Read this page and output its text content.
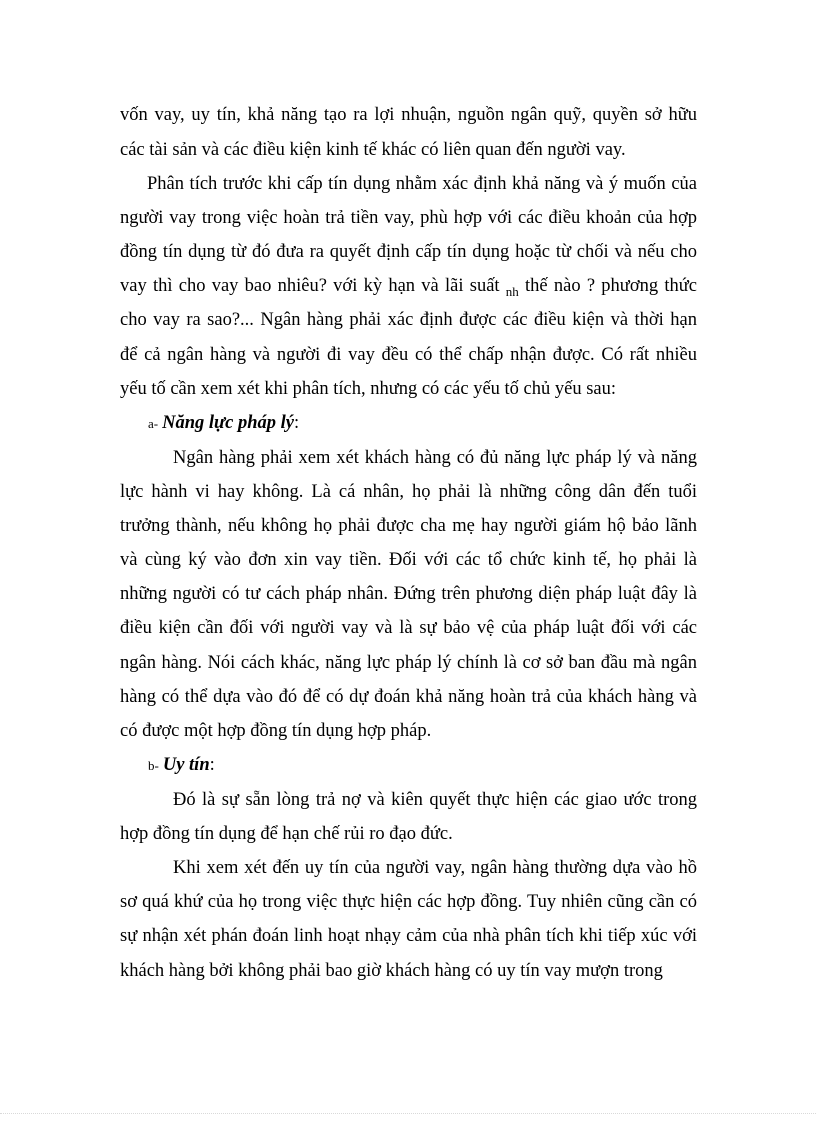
vốn vay, uy tín, khả năng tạo ra lợi nhuận, nguồn ngân quỹ, quyền sở hữu
các tài sản và các điều kiện kinh tế khác có liên quan đến người vay.
Phân tích trước khi cấp tín dụng nhằm xác định khả năng và ý muốn của
người vay trong việc hoàn trả tiền vay, phù hợp với các điều khoản của hợp
đồng tín dụng từ đó đưa ra quyết định cấp tín dụng hoặc từ chối và nếu cho
vay thì cho vay bao nhiêu? với kỳ hạn và lãi suất $_{nh}$ thế nào ? phương thức
cho vay ra sao?... Ngân hàng phải xác định được các điều kiện và thời hạn
để cả ngân hàng và người đi vay đều có thể chấp nhận được. Có rất nhiều
yếu tố cần xem xét khi phân tích, nhưng có các yếu tố chủ yếu sau:
a- Năng lực pháp lý:
Ngân hàng phải xem xét khách hàng có đủ năng lực pháp lý và năng
lực hành vi hay không. Là cá nhân, họ phải là những công dân đến tuổi
trưởng thành, nếu không họ phải được cha mẹ hay người giám hộ bảo lãnh
và cùng ký vào đơn xin vay tiền. Đối với các tổ chức kinh tế, họ phải là
những người có tư cách pháp nhân. Đứng trên phương diện pháp luật đây là
điều kiện cần đối với người vay và là sự bảo vệ của pháp luật đối với các
ngân hàng. Nói cách khác, năng lực pháp lý chính là cơ sở ban đầu mà ngân
hàng có thể dựa vào đó để có dự đoán khả năng hoàn trả của khách hàng và
có được một hợp đồng tín dụng hợp pháp.
b- Uy tín:
Đó là sự sẵn lòng trả nợ và kiên quyết thực hiện các giao ước trong
hợp đồng tín dụng để hạn chế rủi ro đạo đức.
Khi xem xét đến uy tín của người vay, ngân hàng thường dựa vào hồ
sơ quá khứ của họ trong việc thực hiện các hợp đồng. Tuy nhiên cũng cần có
sự nhận xét phán đoán linh hoạt nhạy cảm của nhà phân tích khi tiếp xúc với
khách hàng bởi không phải bao giờ khách hàng có uy tín vay mượn trong
